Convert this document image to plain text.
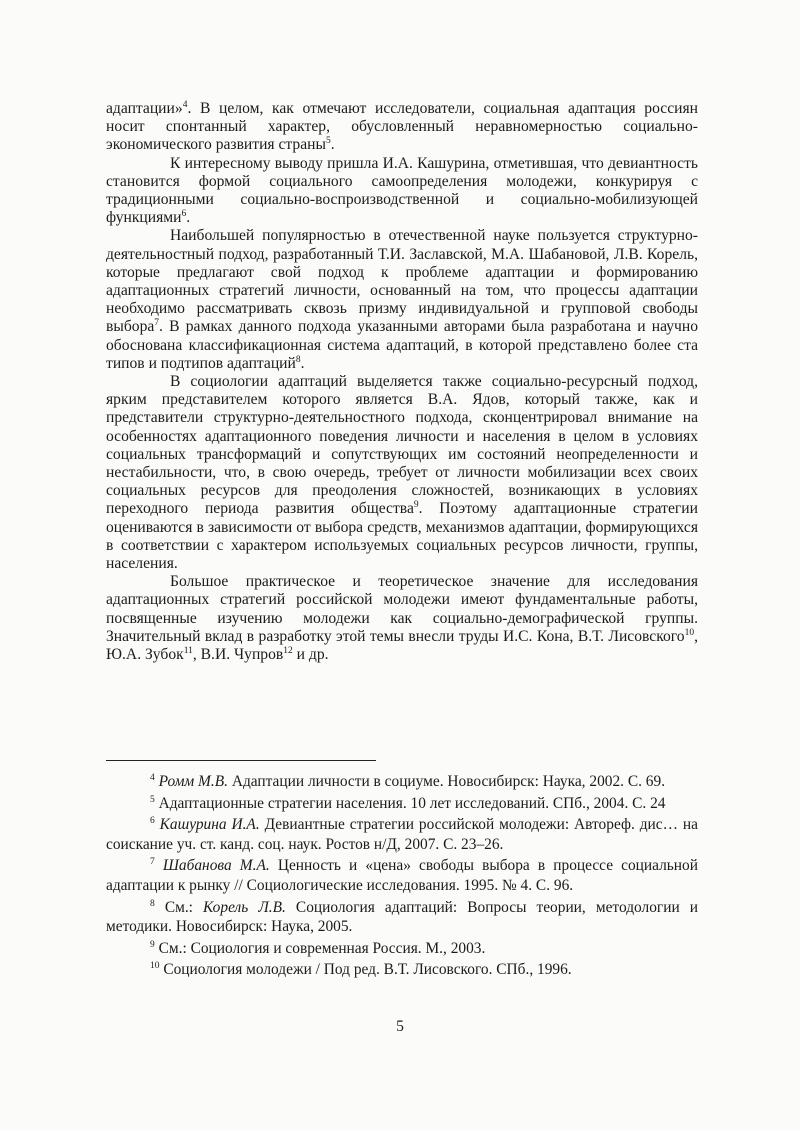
адаптации»$^4$. В целом, как отмечают исследователи, социальная адаптация россиян носит спонтанный характер, обусловленный неравномерностью социально-экономического развития страны$^5$.

К интересному выводу пришла И.А. Кашурина, отметившая, что девиантность становится формой социального самоопределения молодежи, конкурируя с традиционными социально-воспроизводственной и социально-мобилизующей функциями$^6$.

Наибольшей популярностью в отечественной науке пользуется структурно-деятельностный подход, разработанный Т.И. Заславской, М.А. Шабановой, Л.В. Корель, которые предлагают свой подход к проблеме адаптации и формированию адаптационных стратегий личности, основанный на том, что процессы адаптации необходимо рассматривать сквозь призму индивидуальной и групповой свободы выбора$^7$. В рамках данного подхода указанными авторами была разработана и научно обоснована классификационная система адаптаций, в которой представлено более ста типов и подтипов адаптаций$^8$.

В социологии адаптаций выделяется также социально-ресурсный подход, ярким представителем которого является В.А. Ядов, который также, как и представители структурно-деятельностного подхода, сконцентрировал внимание на особенностях адаптационного поведения личности и населения в целом в условиях социальных трансформаций и сопутствующих им состояний неопределенности и нестабильности, что, в свою очередь, требует от личности мобилизации всех своих социальных ресурсов для преодоления сложностей, возникающих в условиях переходного периода развития общества$^9$. Поэтому адаптационные стратегии оцениваются в зависимости от выбора средств, механизмов адаптации, формирующихся в соответствии с характером используемых социальных ресурсов личности, группы, населения.

Большое практическое и теоретическое значение для исследования адаптационных стратегий российской молодежи имеют фундаментальные работы, посвященные изучению молодежи как социально-демографической группы. Значительный вклад в разработку этой темы внесли труды И.С. Кона, В.Т. Лисовского$^{10}$, Ю.А. Зубок$^{11}$, В.И. Чупров$^{12}$ и др.

$^4$ Ромм М.В. Адаптации личности в социуме. Новосибирск: Наука, 2002. С. 69.

$^5$ Адаптационные стратегии населения. 10 лет исследований. СПб., 2004. С. 24

$^6$ Кашурина И.А. Девиантные стратегии российской молодежи: Автореф. дис… на соискание уч. ст. канд. соц. наук. Ростов н/Д, 2007. С. 23–26.

$^7$ Шабанова М.А. Ценность и «цена» свободы выбора в процессе социальной адаптации к рынку // Социологические исследования. 1995. № 4. С. 96.

$^8$ См.: Корель Л.В. Социология адаптаций: Вопросы теории, методологии и методики. Новосибирск: Наука, 2005.

$^9$ См.: Социология и современная Россия. М., 2003.

$^{10}$ Социология молодежи / Под ред. В.Т. Лисовского. СПб., 1996.

5
